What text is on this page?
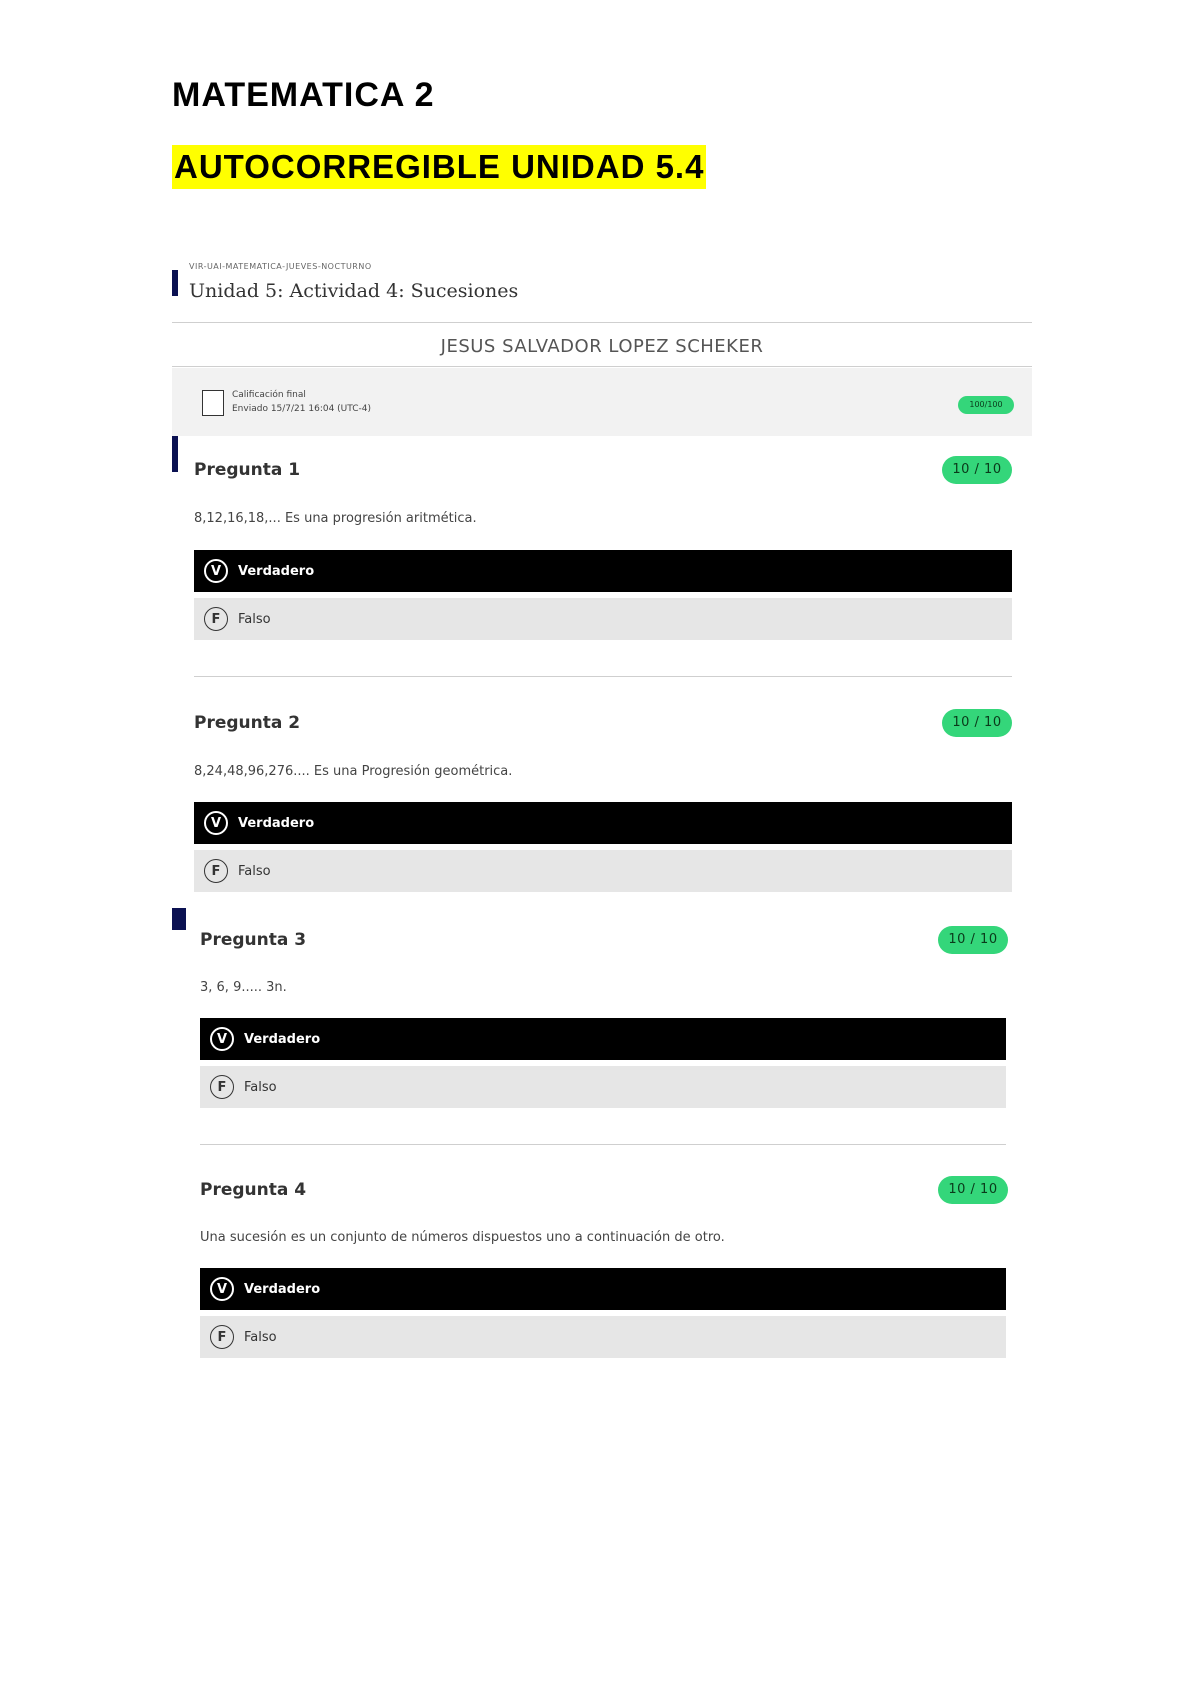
MATEMATICA 2
AUTOCORREGIBLE UNIDAD 5.4
VIR-UAI-MATEMATICA-JUEVES-NOCTURNO
Unidad 5: Actividad 4: Sucesiones
JESUS SALVADOR LOPEZ SCHEKER
Calificación final
Enviado 15/7/21 16:04 (UTC-4)	100/100
Pregunta 1	10 / 10
8,12,16,18,... Es una progresión aritmética.
V	Verdadero
F	Falso
Pregunta 2	10 / 10
8,24,48,96,276.... Es una Progresión geométrica.
V	Verdadero
F	Falso
Pregunta 3	10 / 10
3, 6, 9..... 3n.
V	Verdadero
F	Falso
Pregunta 4	10 / 10
Una sucesión es un conjunto de números dispuestos uno a continuación de otro.
V	Verdadero
F	Falso
